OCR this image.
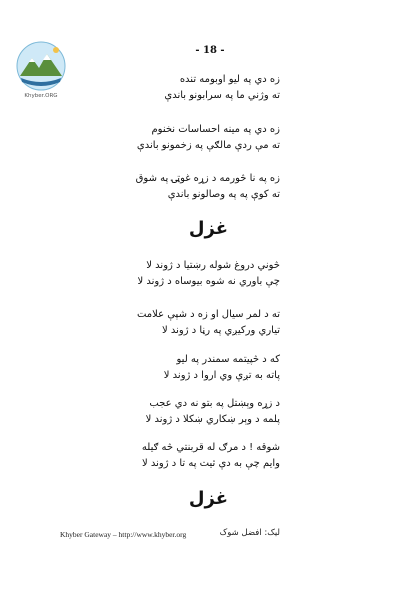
Khyber.ORG
- 18 -
زه دي په ليو اوبومه تنده
ته وژني ما په سرابونو باندې
زه دي په مينه احساسات نخنوم
ته مې ردې مالګې په زخمونو باندې
زه په نا څورمه د زړه غوټۍ په شوق
ته کوې په په وصالونو باندې
غزل
څوني دروغ شوله رښتيا د ژوند لا
چې باوري نه شوه بيوساه د ژوند لا
ته د لمر سيال او زه د شپې علامت
تياري ورکيږي په رڼا د ژوند لا
که د څپیتمه سمندر په لیو
پاته به تږې وي اروا د ژوند لا
د زړه وېښتل په بتو نه دي عجب
پلمه د وېر ښکاري ښکلا د ژوند لا
شوقه ! د مرګ له قربنتي څه ګيله
وايم چې به دې ثيت په تا د ژوند لا
غزل
Khyber Gateway – http://www.khyber.org	ليک: افضل شوک
